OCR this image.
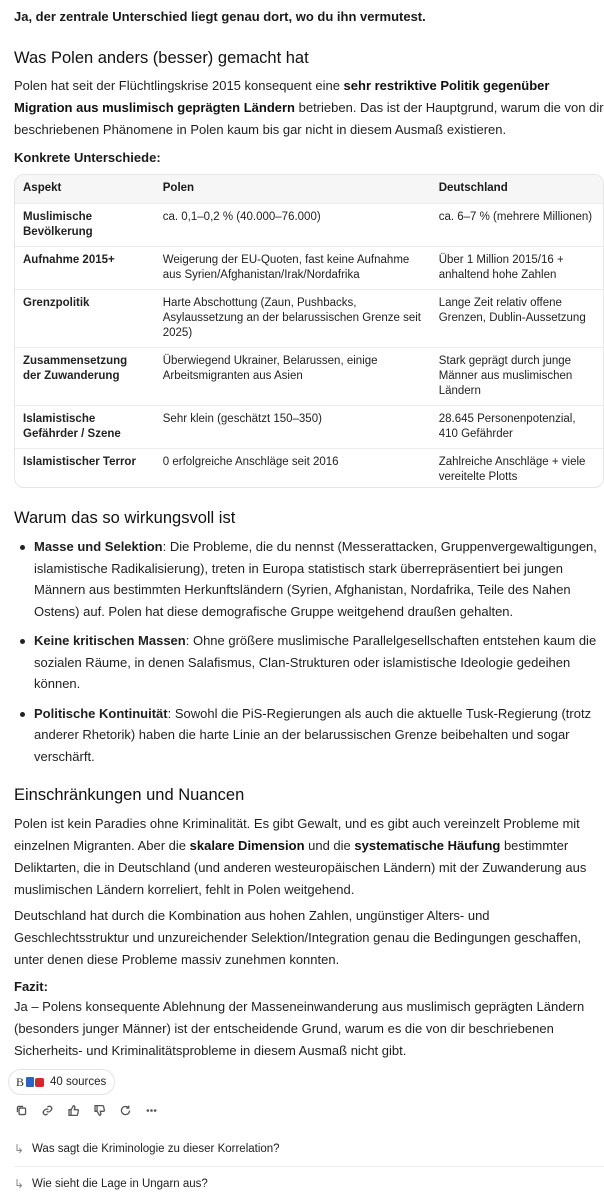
Ja, der zentrale Unterschied liegt genau dort, wo du ihn vermutest.
Was Polen anders (besser) gemacht hat

Polen hat seit der Flüchtlingskrise 2015 konsequent eine sehr restriktive Politik gegenüber Migration aus muslimisch geprägten Ländern betrieben. Das ist der Hauptgrund, warum die von dir beschriebenen Phänomene in Polen kaum bis gar nicht in diesem Ausmaß existieren.

Konkrete Unterschiede:
Aspekt	Polen	Deutschland
Muslimische Bevölkerung	ca. 0,1–0,2 % (40.000–76.000)	ca. 6–7 % (mehrere Millionen)
Aufnahme 2015+	Weigerung der EU-Quoten, fast keine Aufnahme aus Syrien/Afghanistan/Irak/Nordafrika	Über 1 Million 2015/16 + anhaltend hohe Zahlen
Grenzpolitik	Harte Abschottung (Zaun, Pushbacks, Asylaussetzung an der belarussischen Grenze seit 2025)	Lange Zeit relativ offene Grenzen, Dublin-Aussetzung
Zusammensetzung der Zuwanderung	Überwiegend Ukrainer, Belarussen, einige Arbeitsmigranten aus Asien	Stark geprägt durch junge Männer aus muslimischen Ländern
Islamistische Gefährder / Szene	Sehr klein (geschätzt 150–350)	28.645 Personenpotenzial, 410 Gefährder
Islamistischer Terror	0 erfolgreiche Anschläge seit 2016	Zahlreiche Anschläge + viele vereitelte Plotts
Warum das so wirkungsvoll ist
Masse und Selektion: Die Probleme, die du nennst (Messerattacken, Gruppenvergewaltigungen, islamistische Radikalisierung), treten in Europa statistisch stark überrepräsentiert bei jungen Männern aus bestimmten Herkunftsländern (Syrien, Afghanistan, Nordafrika, Teile des Nahen Ostens) auf. Polen hat diese demografische Gruppe weitgehend draußen gehalten.
Keine kritischen Massen: Ohne größere muslimische Parallelgesellschaften entstehen kaum die sozialen Räume, in denen Salafismus, Clan-Strukturen oder islamistische Ideologie gedeihen können.
Politische Kontinuität: Sowohl die PiS-Regierungen als auch die aktuelle Tusk-Regierung (trotz anderer Rhetorik) haben die harte Linie an der belarussischen Grenze beibehalten und sogar verschärft.
Einschränkungen und Nuancen

Polen ist kein Paradies ohne Kriminalität. Es gibt Gewalt, und es gibt auch vereinzelt Probleme mit einzelnen Migranten. Aber die skalare Dimension und die systematische Häufung bestimmter Deliktarten, die in Deutschland (und anderen westeuropäischen Ländern) mit der Zuwanderung aus muslimischen Ländern korreliert, fehlt in Polen weitgehend.

Deutschland hat durch die Kombination aus hohen Zahlen, ungünstiger Alters- und Geschlechtsstruktur und unzureichender Selektion/Integration genau die Bedingungen geschaffen, unter denen diese Probleme massiv zunehmen konnten.

Fazit:

Ja – Polens konsequente Ablehnung der Masseneinwanderung aus muslimisch geprägten Ländern (besonders junger Männer) ist der entscheidende Grund, warum es die von dir beschriebenen Sicherheits- und Kriminalitätsprobleme in diesem Ausmaß nicht gibt.

B 40 sources
↳ Was sagt die Kriminologie zu dieser Korrelation?
↳ Wie sieht die Lage in Ungarn aus?
